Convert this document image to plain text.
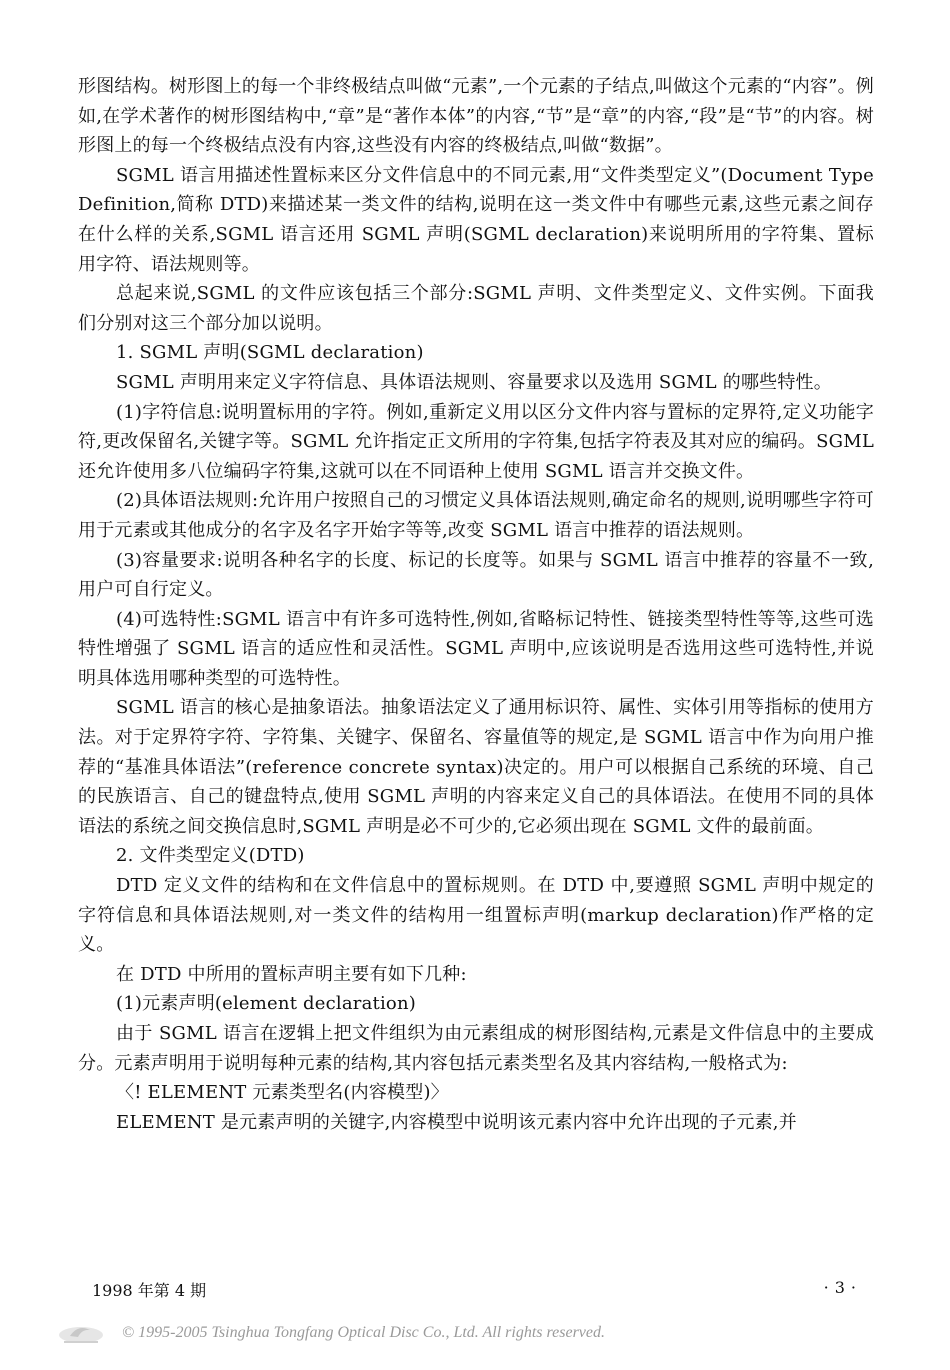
形图结构。树形图上的每一个非终极结点叫做“元素”,一个元素的子结点,叫做这个元素的“内容”。例如,在学术著作的树形图结构中,“章”是“著作本体”的内容,“节”是“章”的内容,“段”是“节”的内容。树形图上的每一个终极结点没有内容,这些没有内容的终极结点,叫做“数据”。

SGML 语言用描述性置标来区分文件信息中的不同元素,用“文件类型定义”(Document Type Definition,简称 DTD)来描述某一类文件的结构,说明在这一类文件中有哪些元素,这些元素之间存在什么样的关系,SGML 语言还用 SGML 声明(SGML declaration)来说明所用的字符集、置标用字符、语法规则等。

总起来说,SGML 的文件应该包括三个部分:SGML 声明、文件类型定义、文件实例。下面我们分别对这三个部分加以说明。

1. SGML 声明(SGML declaration)

SGML 声明用来定义字符信息、具体语法规则、容量要求以及选用 SGML 的哪些特性。

(1)字符信息:说明置标用的字符。例如,重新定义用以区分文件内容与置标的定界符,定义功能字符,更改保留名,关键字等。SGML 允许指定正文所用的字符集,包括字符表及其对应的编码。SGML 还允许使用多八位编码字符集,这就可以在不同语种上使用 SGML 语言并交换文件。

(2)具体语法规则:允许用户按照自己的习惯定义具体语法规则,确定命名的规则,说明哪些字符可用于元素或其他成分的名字及名字开始字等等,改变 SGML 语言中推荐的语法规则。

(3)容量要求:说明各种名字的长度、标记的长度等。如果与 SGML 语言中推荐的容量不一致,用户可自行定义。

(4)可选特性:SGML 语言中有许多可选特性,例如,省略标记特性、链接类型特性等等,这些可选特性增强了 SGML 语言的适应性和灵活性。SGML 声明中,应该说明是否选用这些可选特性,并说明具体选用哪种类型的可选特性。

SGML 语言的核心是抽象语法。抽象语法定义了通用标识符、属性、实体引用等指标的使用方法。对于定界符字符、字符集、关键字、保留名、容量值等的规定,是 SGML 语言中作为向用户推荐的“基准具体语法”(reference concrete syntax)决定的。用户可以根据自己系统的环境、自己的民族语言、自己的键盘特点,使用 SGML 声明的内容来定义自己的具体语法。在使用不同的具体语法的系统之间交换信息时,SGML 声明是必不可少的,它必须出现在 SGML 文件的最前面。

2. 文件类型定义(DTD)

DTD 定义文件的结构和在文件信息中的置标规则。在 DTD 中,要遵照 SGML 声明中规定的字符信息和具体语法规则,对一类文件的结构用一组置标声明(markup declaration)作严格的定义。

在 DTD 中所用的置标声明主要有如下几种:

(1)元素声明(element declaration)

由于 SGML 语言在逻辑上把文件组织为由元素组成的树形图结构,元素是文件信息中的主要成分。元素声明用于说明每种元素的结构,其内容包括元素类型名及其内容结构,一般格式为:

〈! ELEMENT 元素类型名(内容模型)〉

ELEMENT 是元素声明的关键字,内容模型中说明该元素内容中允许出现的子元素,并

1998 年第 4 期	·3·
© 1995-2005 Tsinghua Tongfang Optical Disc Co., Ltd. All rights reserved.
